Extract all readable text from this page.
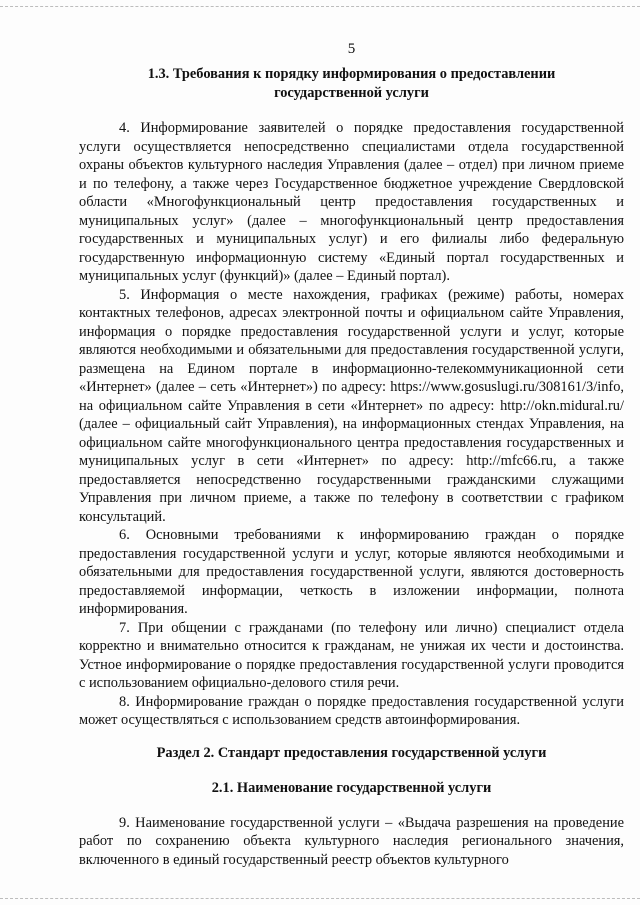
5
1.3. Требования к порядку информирования о предоставлении
государственной услуги

4. Информирование заявителей о порядке предоставления государственной услуги осуществляется непосредственно специалистами отдела государственной охраны объектов культурного наследия Управления (далее – отдел) при личном приеме и по телефону, а также через Государственное бюджетное учреждение Свердловской области «Многофункциональный центр предоставления государственных и муниципальных услуг» (далее – многофункциональный центр предоставления государственных и муниципальных услуг) и его филиалы либо федеральную государственную информационную систему «Единый портал государственных и муниципальных услуг (функций)» (далее – Единый портал).

5. Информация о месте нахождения, графиках (режиме) работы, номерах контактных телефонов, адресах электронной почты и официальном сайте Управления, информация о порядке предоставления государственной услуги и услуг, которые являются необходимыми и обязательными для предоставления государственной услуги, размещена на Едином портале в информационно-телекоммуникационной сети «Интернет» (далее – сеть «Интернет») по адресу: https://www.gosuslugi.ru/308161/3/info, на официальном сайте Управления в сети «Интернет» по адресу: http://okn.midural.ru/ (далее – официальный сайт Управления), на информационных стендах Управления, на официальном сайте многофункционального центра предоставления государственных и муниципальных услуг в сети «Интернет» по адресу: http://mfc66.ru, а также предоставляется непосредственно государственными гражданскими служащими Управления при личном приеме, а также по телефону в соответствии с графиком консультаций.

6. Основными требованиями к информированию граждан о порядке предоставления государственной услуги и услуг, которые являются необходимыми и обязательными для предоставления государственной услуги, являются достоверность предоставляемой информации, четкость в изложении информации, полнота информирования.

7. При общении с гражданами (по телефону или лично) специалист отдела корректно и внимательно относится к гражданам, не унижая их чести и достоинства. Устное информирование о порядке предоставления государственной услуги проводится с использованием официально-делового стиля речи.

8. Информирование граждан о порядке предоставления государственной услуги может осуществляться с использованием средств автоинформирования.

Раздел 2. Стандарт предоставления государственной услуги
2.1. Наименование государственной услуги

9. Наименование государственной услуги – «Выдача разрешения на проведение работ по сохранению объекта культурного наследия регионального значения, включенного в единый государственный реестр объектов культурного
